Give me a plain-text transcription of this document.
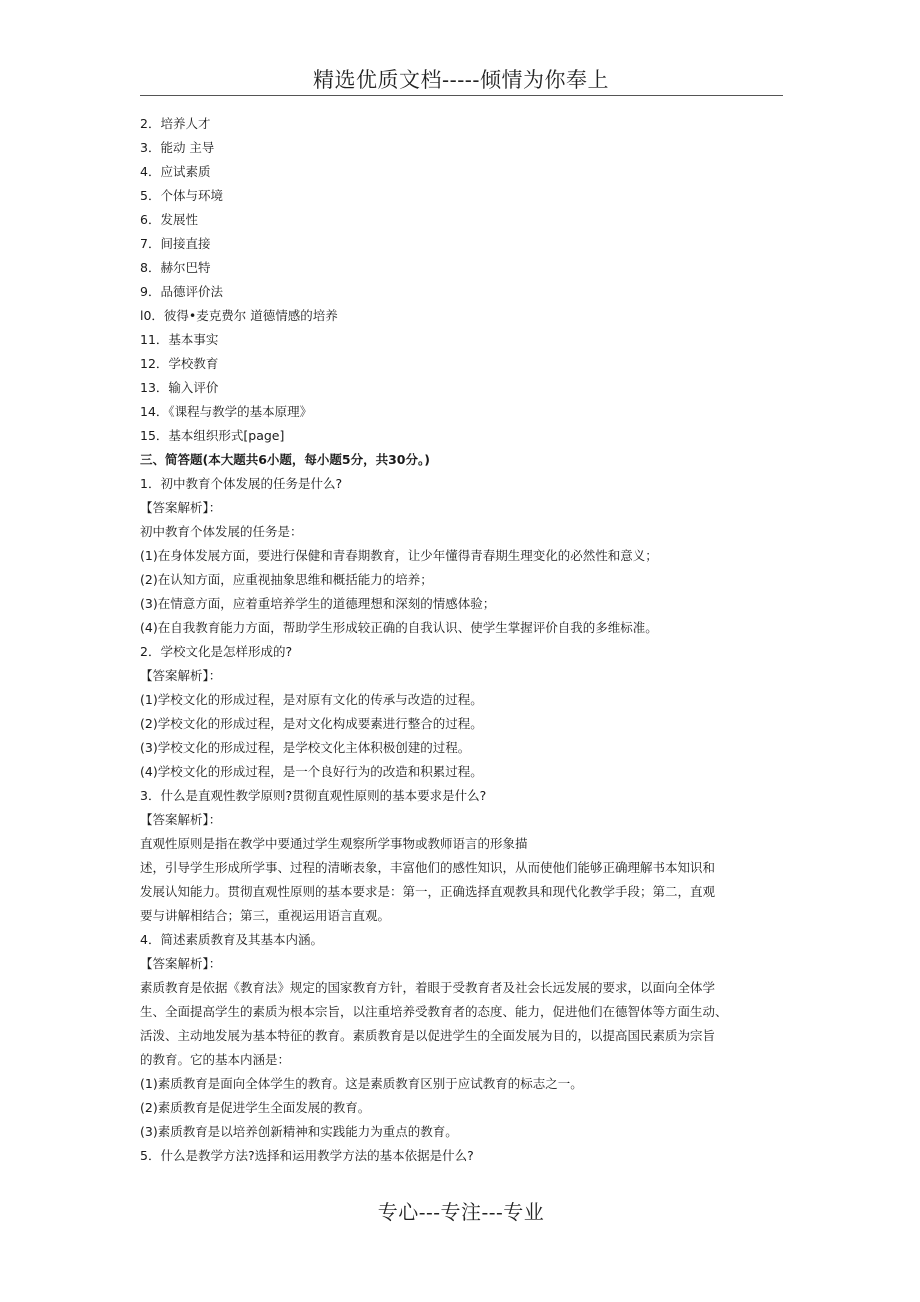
精选优质文档-----倾情为你奉上
2．培养人才
3．能动 主导
4．应试素质
5．个体与环境
6．发展性
7．间接直接
8．赫尔巴特
9．品德评价法
l0．彼得•麦克费尔 道德情感的培养
11．基本事实
12．学校教育
13．输入评价
14．《课程与教学的基本原理》
15．基本组织形式[page]
三、简答题(本大题共6小题，每小题5分，共30分。)
1．初中教育个体发展的任务是什么?
【答案解析】：
初中教育个体发展的任务是：
(1)在身体发展方面，要进行保健和青春期教育，让少年懂得青春期生理变化的必然性和意义；
(2)在认知方面，应重视抽象思维和概括能力的培养；
(3)在情意方面，应着重培养学生的道德理想和深刻的情感体验；
(4)在自我教育能力方面，帮助学生形成较正确的自我认识、使学生掌握评价自我的多维标准。
2．学校文化是怎样形成的?
【答案解析】：
(1)学校文化的形成过程，是对原有文化的传承与改造的过程。
(2)学校文化的形成过程，是对文化构成要素进行整合的过程。
(3)学校文化的形成过程，是学校文化主体积极创建的过程。
(4)学校文化的形成过程，是一个良好行为的改造和积累过程。
3．什么是直观性教学原则?贯彻直观性原则的基本要求是什么?
【答案解析】：
直观性原则是指在教学中要通过学生观察所学事物或教师语言的形象描
述，引导学生形成所学事、过程的清晰表象，丰富他们的感性知识，从而使他们能够正确理解书本知识和
发展认知能力。贯彻直观性原则的基本要求是：第一，正确选择直观教具和现代化教学手段；第二，直观
要与讲解相结合；第三，重视运用语言直观。
4．简述素质教育及其基本内涵。
【答案解析】：
素质教育是依据《教育法》规定的国家教育方针，着眼于受教育者及社会长远发展的要求，以面向全体学
生、全面提高学生的素质为根本宗旨，以注重培养受教育者的态度、能力，促进他们在德智体等方面生动、
活泼、主动地发展为基本特征的教育。素质教育是以促进学生的全面发展为目的，以提高国民素质为宗旨
的教育。它的基本内涵是：
(1)素质教育是面向全体学生的教育。这是素质教育区别于应试教育的标志之一。
(2)素质教育是促进学生全面发展的教育。
(3)素质教育是以培养创新精神和实践能力为重点的教育。
5．什么是教学方法?选择和运用教学方法的基本依据是什么?
专心---专注---专业
